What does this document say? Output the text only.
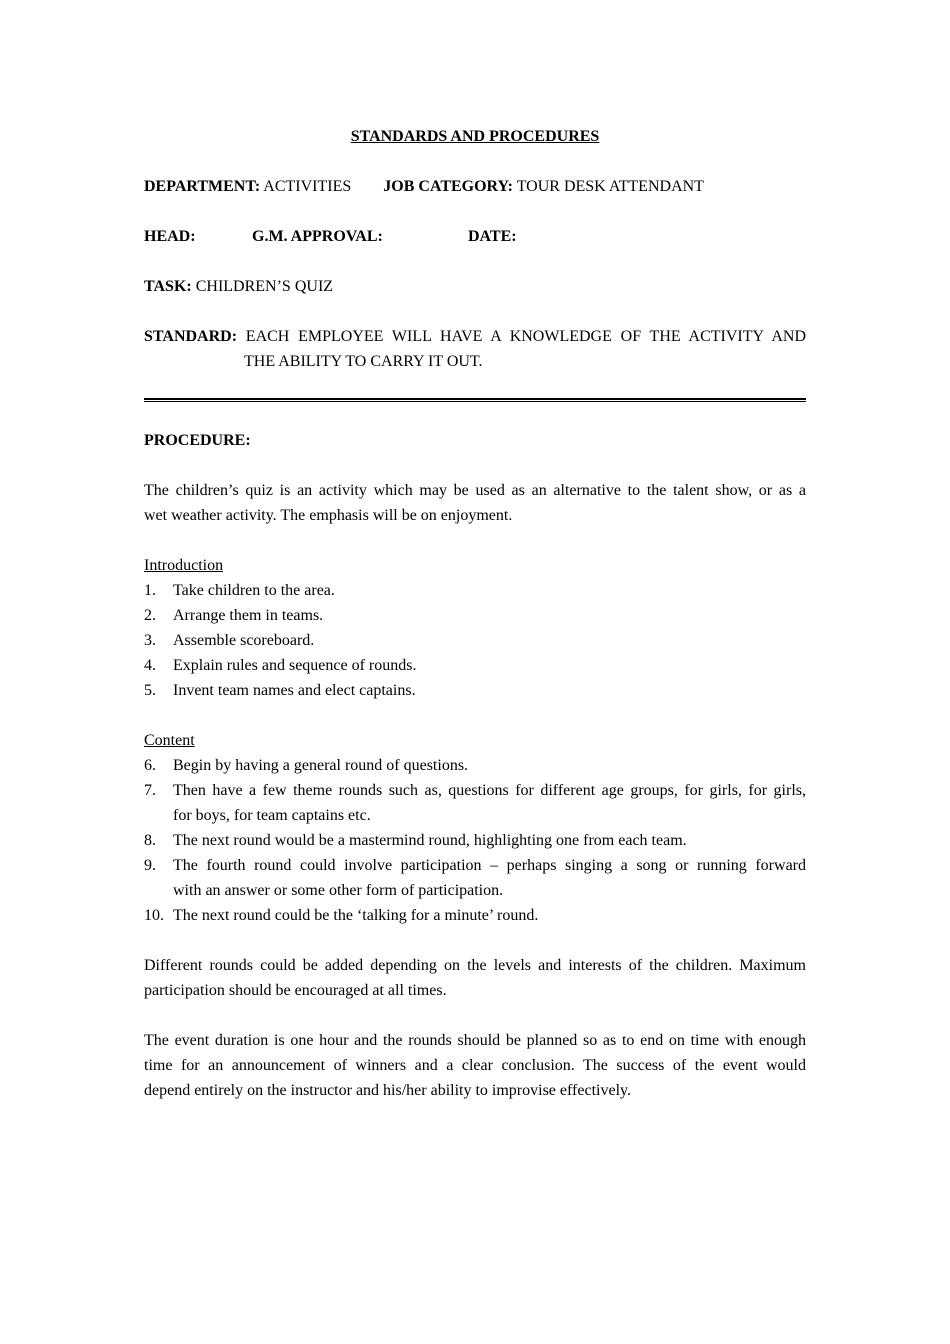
STANDARDS AND PROCEDURES
DEPARTMENT: ACTIVITIES JOB CATEGORY: TOUR DESK ATTENDANT
HEAD:	G.M. APPROVAL:	DATE:
TASK: CHILDREN’S QUIZ
STANDARD: EACH EMPLOYEE WILL HAVE A KNOWLEDGE OF THE ACTIVITY AND
THE ABILITY TO CARRY IT OUT.
PROCEDURE:
The children’s quiz is an activity which may be used as an alternative to the talent show, or as a
wet weather activity. The emphasis will be on enjoyment.
Introduction
1.	Take children to the area.
2.	Arrange them in teams.
3.	Assemble scoreboard.
4.	Explain rules and sequence of rounds.
5.	Invent team names and elect captains.
Content
6.	Begin by having a general round of questions.
7.	Then have a few theme rounds such as, questions for different age groups, for girls, for girls,
for boys, for team captains etc.
8.	The next round would be a mastermind round, highlighting one from each team.
9.	The fourth round could involve participation – perhaps singing a song or running forward
with an answer or some other form of participation.
10. The next round could be the ‘talking for a minute’ round.
Different rounds could be added depending on the levels and interests of the children. Maximum
participation should be encouraged at all times.
The event duration is one hour and the rounds should be planned so as to end on time with enough
time for an announcement of winners and a clear conclusion. The success of the event would
depend entirely on the instructor and his/her ability to improvise effectively.
